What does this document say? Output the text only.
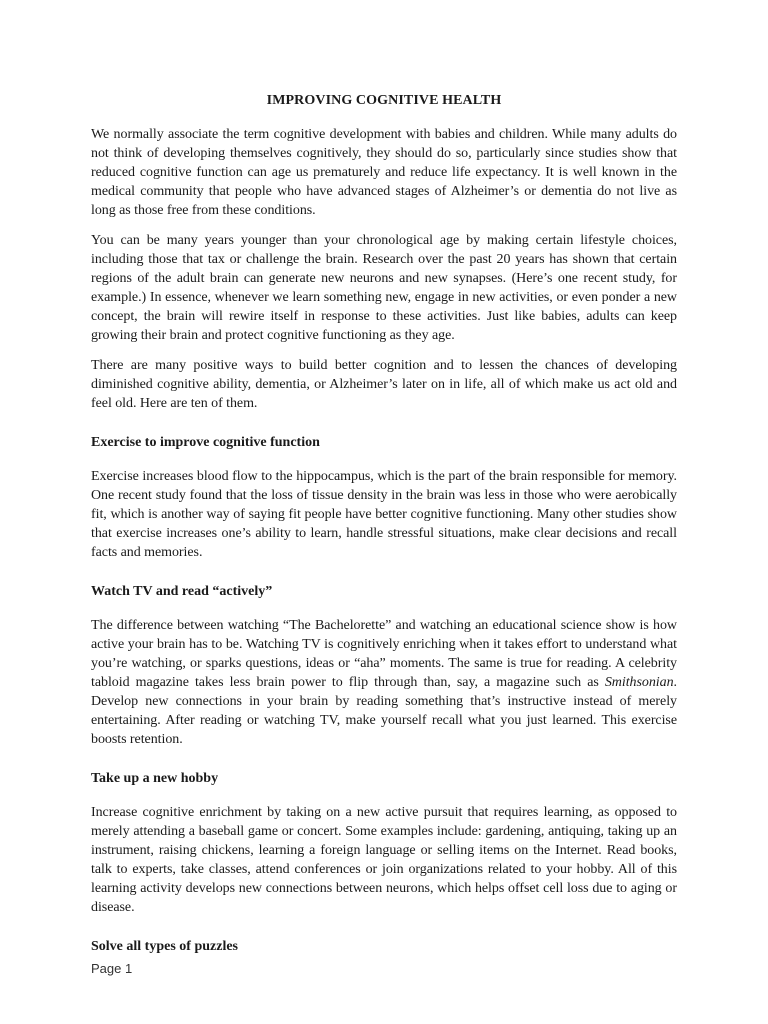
IMPROVING COGNITIVE HEALTH

We normally associate the term cognitive development with babies and children. While many adults do not think of developing themselves cognitively, they should do so, particularly since studies show that reduced cognitive function can age us prematurely and reduce life expectancy. It is well known in the medical community that people who have advanced stages of Alzheimer’s or dementia do not live as long as those free from these conditions.

You can be many years younger than your chronological age by making certain lifestyle choices, including those that tax or challenge the brain. Research over the past 20 years has shown that certain regions of the adult brain can generate new neurons and new synapses. (Here’s one recent study, for example.) In essence, whenever we learn something new, engage in new activities, or even ponder a new concept, the brain will rewire itself in response to these activities. Just like babies, adults can keep growing their brain and protect cognitive functioning as they age.

There are many positive ways to build better cognition and to lessen the chances of developing diminished cognitive ability, dementia, or Alzheimer’s later on in life, all of which make us act old and feel old. Here are ten of them.

Exercise to improve cognitive function

Exercise increases blood flow to the hippocampus, which is the part of the brain responsible for memory. One recent study found that the loss of tissue density in the brain was less in those who were aerobically fit, which is another way of saying fit people have better cognitive functioning. Many other studies show that exercise increases one’s ability to learn, handle stressful situations, make clear decisions and recall facts and memories.

Watch TV and read “actively”

The difference between watching “The Bachelorette” and watching an educational science show is how active your brain has to be. Watching TV is cognitively enriching when it takes effort to understand what you’re watching, or sparks questions, ideas or “aha” moments. The same is true for reading. A celebrity tabloid magazine takes less brain power to flip through than, say, a magazine such as Smithsonian. Develop new connections in your brain by reading something that’s instructive instead of merely entertaining. After reading or watching TV, make yourself recall what you just learned. This exercise boosts retention.

Take up a new hobby

Increase cognitive enrichment by taking on a new active pursuit that requires learning, as opposed to merely attending a baseball game or concert. Some examples include: gardening, antiquing, taking up an instrument, raising chickens, learning a foreign language or selling items on the Internet. Read books, talk to experts, take classes, attend conferences or join organizations related to your hobby. All of this learning activity develops new connections between neurons, which helps offset cell loss due to aging or disease.

Solve all types of puzzles
Page 1
